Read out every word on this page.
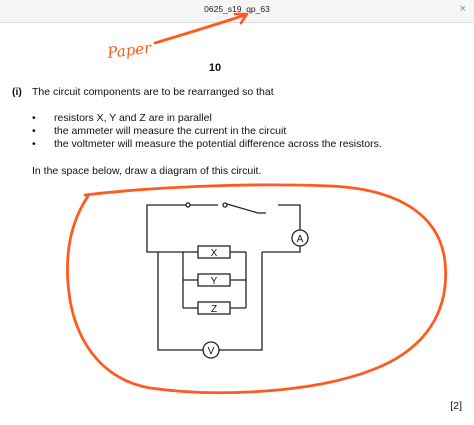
0625_s19_qp_63	×
10
(i) The circuit components are to be rearranged so that
• resistors X, Y and Z are in parallel
• the ammeter will measure the current in the circuit
• the voltmeter will measure the potential difference across the resistors.
In the space below, draw a diagram of this circuit.
[2]
Paper
A
X
Y
Z
V
